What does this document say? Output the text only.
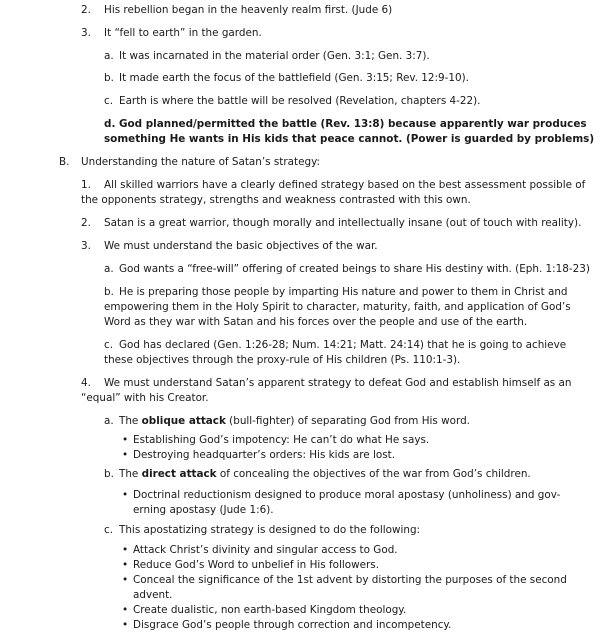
2. His rebellion began in the heavenly realm first. (Jude 6)
3. It “fell to earth” in the garden.
a. It was incarnated in the material order (Gen. 3:1; Gen. 3:7).
b. It made earth the focus of the battlefield (Gen. 3:15; Rev. 12:9-10).
c. Earth is where the battle will be resolved (Revelation, chapters 4-22).
d. God planned/permitted the battle (Rev. 13:8) because apparently war produces
something He wants in His kids that peace cannot. (Power is guarded by problems)
B. Understanding the nature of Satan’s strategy:
1. All skilled warriors have a clearly defined strategy based on the best assessment possible of
the opponents strategy, strengths and weakness contrasted with this own.
2. Satan is a great warrior, though morally and intellectually insane (out of touch with reality).
3. We must understand the basic objectives of the war.
a. God wants a “free-will” offering of created beings to share His destiny with. (Eph. 1:18-23)
b. He is preparing those people by imparting His nature and power to them in Christ and
empowering them in the Holy Spirit to character, maturity, faith, and application of God’s
Word as they war with Satan and his forces over the people and use of the earth.
c. God has declared (Gen. 1:26-28; Num. 14:21; Matt. 24:14) that he is going to achieve
these objectives through the proxy-rule of His children (Ps. 110:1-3).
4. We must understand Satan’s apparent strategy to defeat God and establish himself as an
“equal” with his Creator.
a. The oblique attack (bull-fighter) of separating God from His word.
• Establishing God’s impotency: He can’t do what He says.
• Destroying headquarter’s orders: His kids are lost.
b. The direct attack of concealing the objectives of the war from God’s children.
• Doctrinal reductionism designed to produce moral apostasy (unholiness) and gov-
erning apostasy (Jude 1:6).
c. This apostatizing strategy is designed to do the following:
• Attack Christ’s divinity and singular access to God.
• Reduce God’s Word to unbelief in His followers.
• Conceal the significance of the 1st advent by distorting the purposes of the second
advent.
• Create dualistic, non earth-based Kingdom theology.
• Disgrace God’s people through correction and incompetency.
